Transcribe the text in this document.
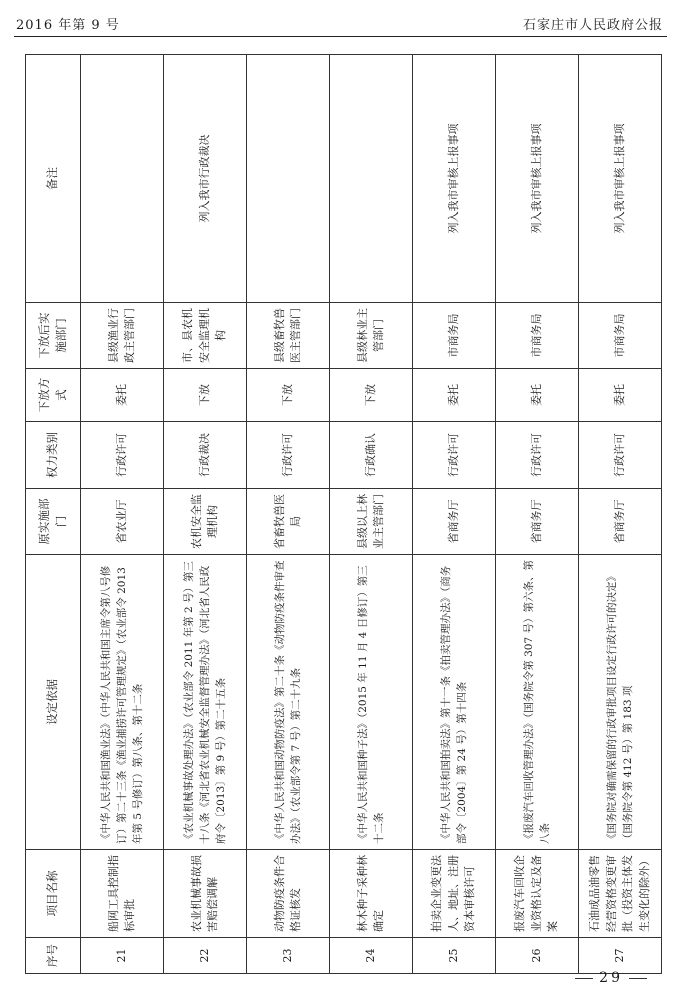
2016 年第 9 号	石家庄市人民政府公报
序号	项目名称	设定依据	原实施部门	权力类别	下放方式	下放后实施部门	备注
21	船网工具控制指标审批	《中华人民共和国渔业法》（中华人民共和国主席令第八号修订）第二十三条《渔业捕捞许可管理规定》（农业部令 2013 年第 5 号修订）第八条、第十二条	省农业厅	行政许可	委托	县级渔业行政主管部门	
22	农业机械事故损害赔偿调解	《农业机械事故处理办法》（农业部令 2011 年第 2 号）第三十八条《河北省农业机械安全监督管理办法》（河北省人民政府令〔2013〕第 9 号）第二十五条	农机安全监理机构	行政裁决	下放	市、县农机安全监理机构	列入我市行政裁决
23	动物防疫条件合格证核发	《中华人民共和国动物防疫法》第二十条《动物防疫条件审查办法》（农业部令第 7 号）第二十九条	省畜牧兽医局	行政许可	下放	县级畜牧兽医主管部门	
24	林木种子采种林确定	《中华人民共和国种子法》（2015 年 11 月 4 日修订）第三十二条	县级以上林业主管部门	行政确认	下放	县级林业主管部门	
25	拍卖企业变更法人、地址、注册资本审核许可	《中华人民共和国拍卖法》第十一条《拍卖管理办法》（商务部令〔2004〕第 24 号）第十四条	省商务厅	行政许可	委托	市商务局	列入我市审核上报事项
26	报废汽车回收企业资格认定及备案	《报废汽车回收管理办法》（国务院令第 307 号）第六条、第八条	省商务厅	行政许可	委托	市商务局	列入我市审核上报事项
27	石油成品油零售经营资格变更审批（投资主体发生变化的除外）	《国务院对确需保留的行政审批项目设定行政许可的决定》（国务院令第 412 号）第 183 项	省商务厅	行政许可	委托	市商务局	列入我市审核上报事项
29
